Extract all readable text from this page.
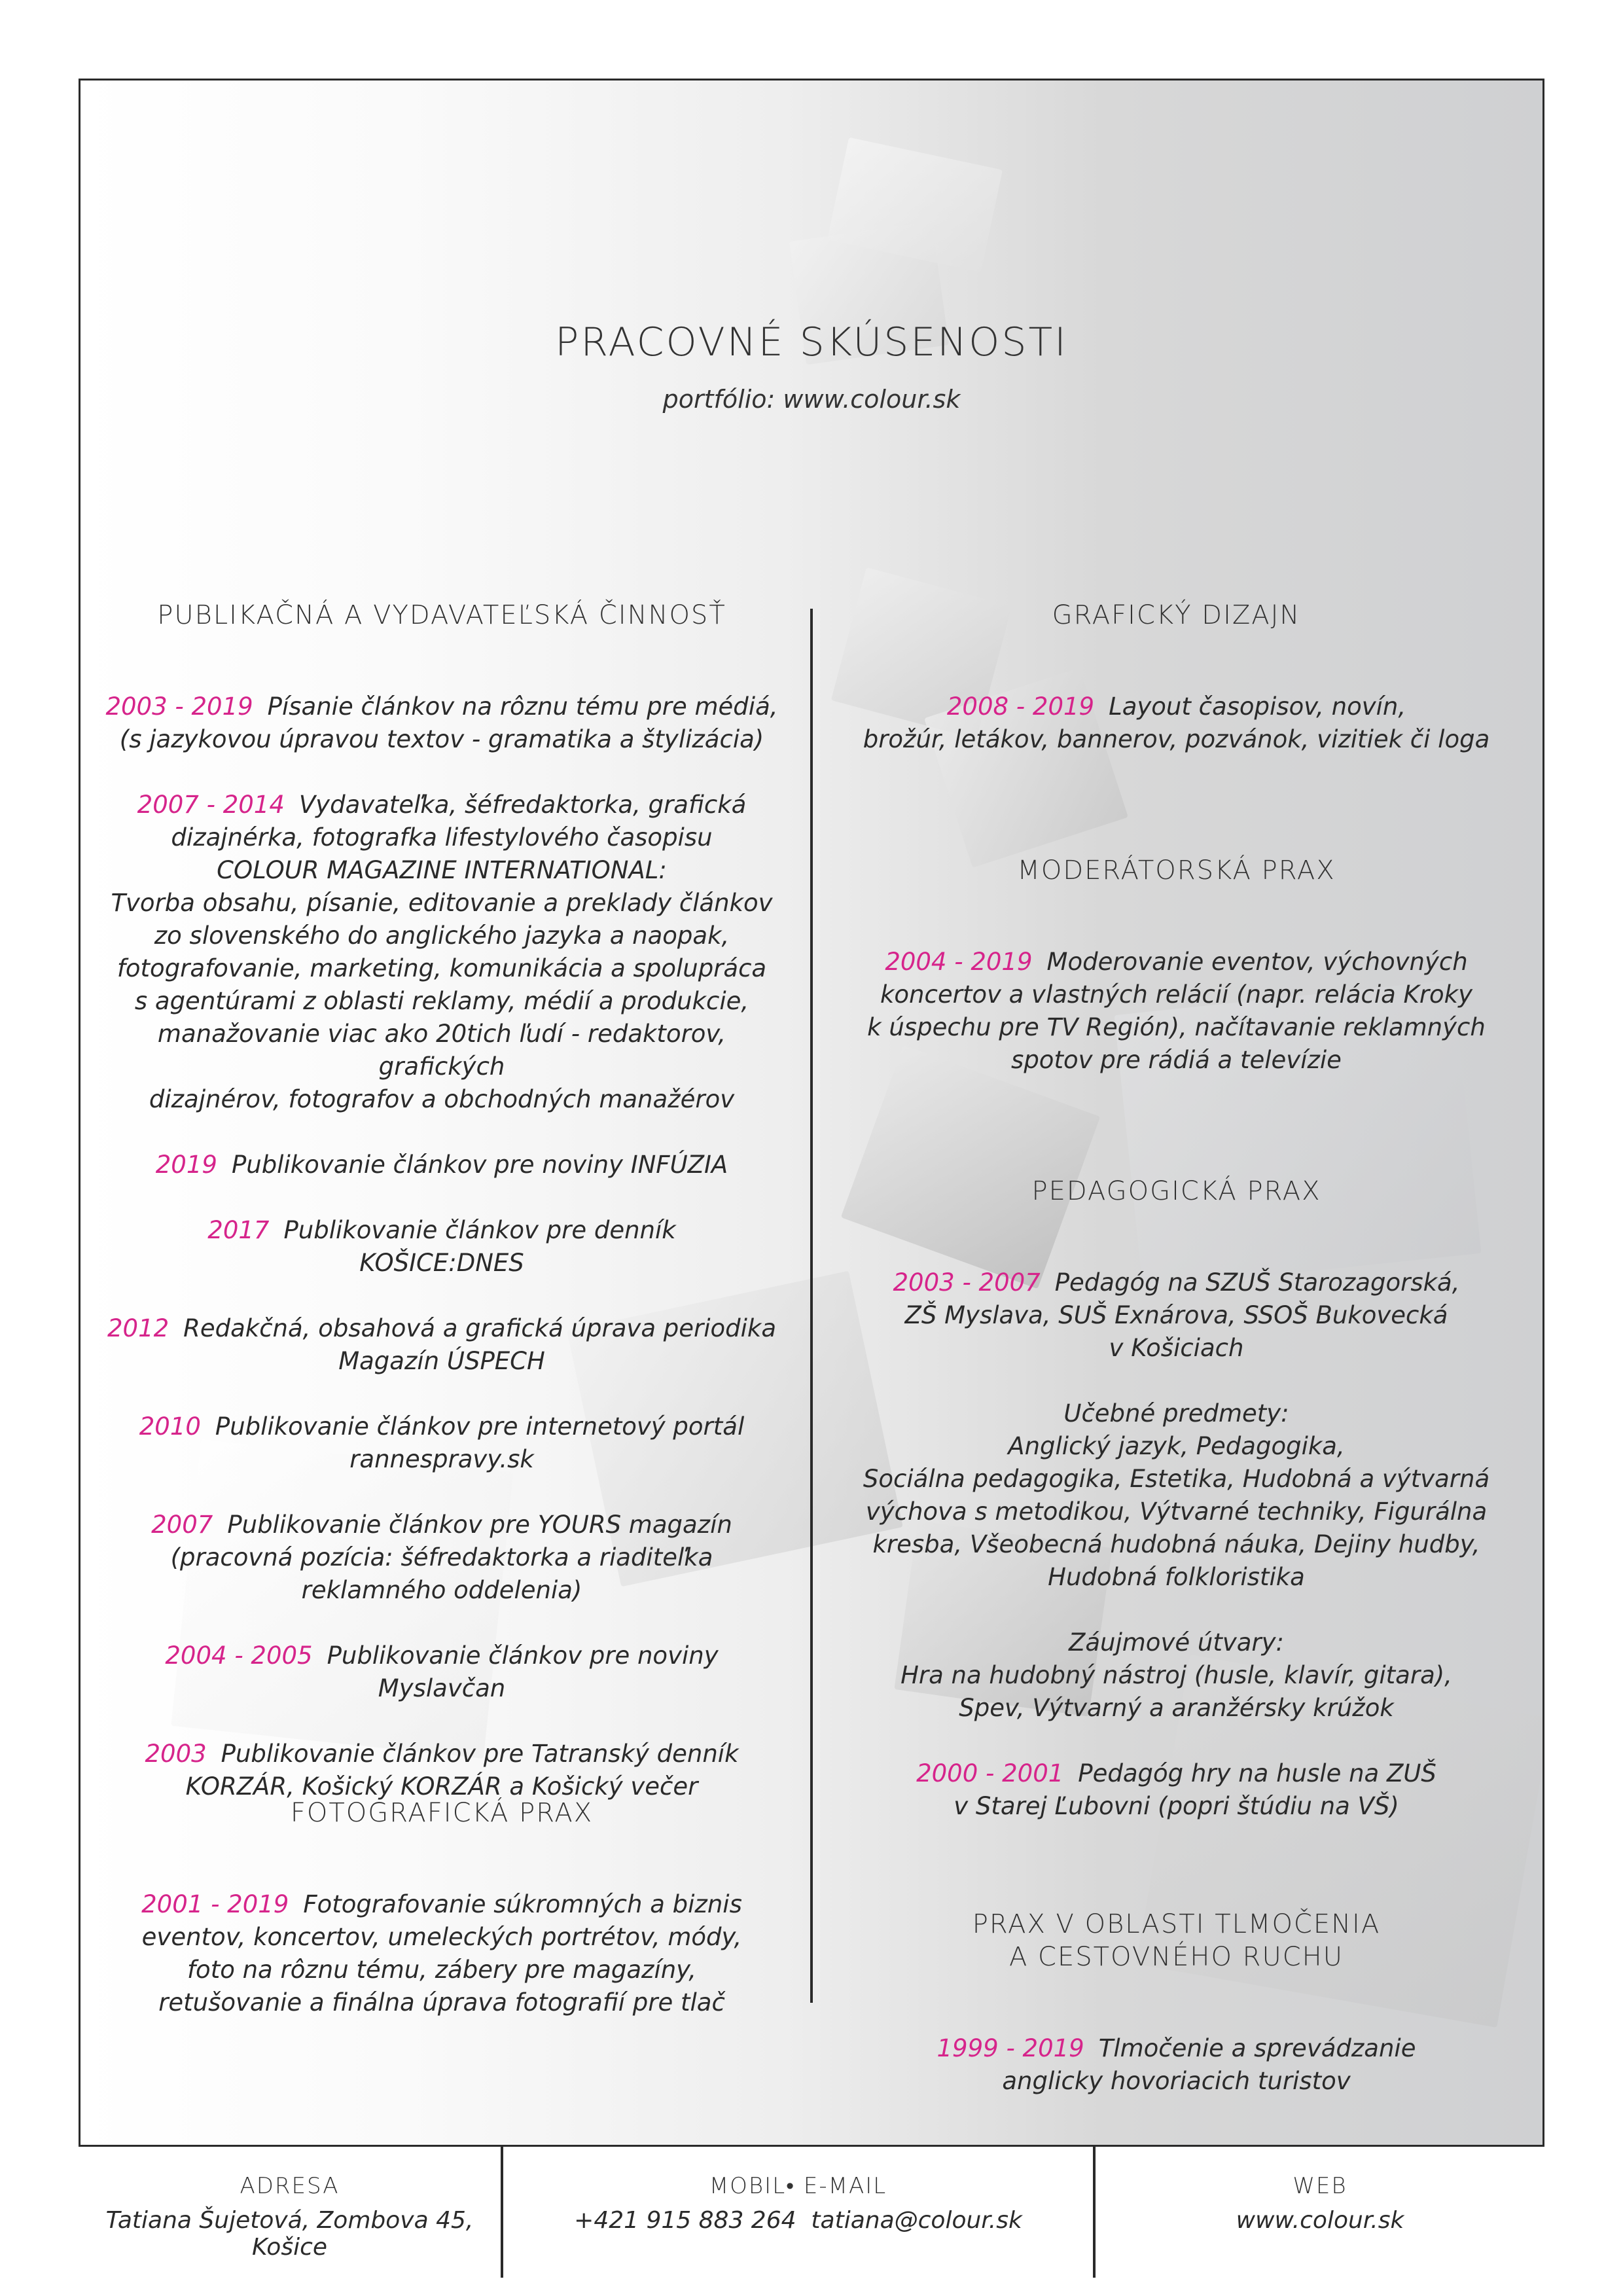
PRACOVNÉ SKÚSENOSTI
portfólio: www.colour.sk
PUBLIKAČNÁ A VYDAVATEĽSKÁ ČINNOSŤ
2003 - 2019 Písanie článkov na rôznu tému pre médiá,
(s jazykovou úpravou textov - gramatika a štylizácia)
2007 - 2014 Vydavateľka, šéfredaktorka, grafická
dizajnérka, fotografka lifestylového časopisu
COLOUR MAGAZINE INTERNATIONAL:
Tvorba obsahu, písanie, editovanie a preklady článkov
zo slovenského do anglického jazyka a naopak,
fotografovanie, marketing, komunikácia a spolupráca
s agentúrami z oblasti reklamy, médií a produkcie,
manažovanie viac ako 20tich ľudí - redaktorov, grafických
dizajnérov, fotografov a obchodných manažérov
2019 Publikovanie článkov pre noviny INFÚZIA
2017 Publikovanie článkov pre denník
KOŠICE:DNES
2012 Redakčná, obsahová a grafická úprava periodika
Magazín ÚSPECH
2010 Publikovanie článkov pre internetový portál
rannespravy.sk
2007 Publikovanie článkov pre YOURS magazín
(pracovná pozícia: šéfredaktorka a riaditeľka
reklamného oddelenia)
2004 - 2005 Publikovanie článkov pre noviny Myslavčan
2003 Publikovanie článkov pre Tatranský denník
KORZÁR, Košický KORZÁR a Košický večer
FOTOGRAFICKÁ PRAX
2001 - 2019 Fotografovanie súkromných a biznis
eventov, koncertov, umeleckých portrétov, módy,
foto na rôznu tému, zábery pre magazíny,
retušovanie a finálna úprava fotografií pre tlač
GRAFICKÝ DIZAJN
2008 - 2019 Layout časopisov, novín,
brožúr, letákov, bannerov, pozvánok, vizitiek či loga
MODERÁTORSKÁ PRAX
2004 - 2019 Moderovanie eventov, výchovných
koncertov a vlastných relácií (napr. relácia Kroky
k úspechu pre TV Región), načítavanie reklamných
spotov pre rádiá a televízie
PEDAGOGICKÁ PRAX
2003 - 2007 Pedagóg na SZUŠ Starozagorská,
ZŠ Myslava, SUŠ Exnárova, SSOŠ Bukovecká
v Košiciach
Učebné predmety:
Anglický jazyk, Pedagogika,
Sociálna pedagogika, Estetika, Hudobná a výtvarná
výchova s metodikou, Výtvarné techniky, Figurálna
kresba, Všeobecná hudobná náuka, Dejiny hudby,
Hudobná folkloristika
Záujmové útvary:
Hra na hudobný nástroj (husle, klavír, gitara),
Spev, Výtvarný a aranžérsky krúžok
2000 - 2001 Pedagóg hry na husle na ZUŠ
v Starej Ľubovni (popri štúdiu na VŠ)
PRAX V OBLASTI TLMOČENIA
A CESTOVNÉHO RUCHU
1999 - 2019 Tlmočenie a sprevádzanie
anglicky hovoriacich turistov
ADRESA
Tatiana Šujetová, Zombova 45, Košice
MOBIL• E-MAIL
+421 915 883 264 tatiana@colour.sk
WEB
www.colour.sk
